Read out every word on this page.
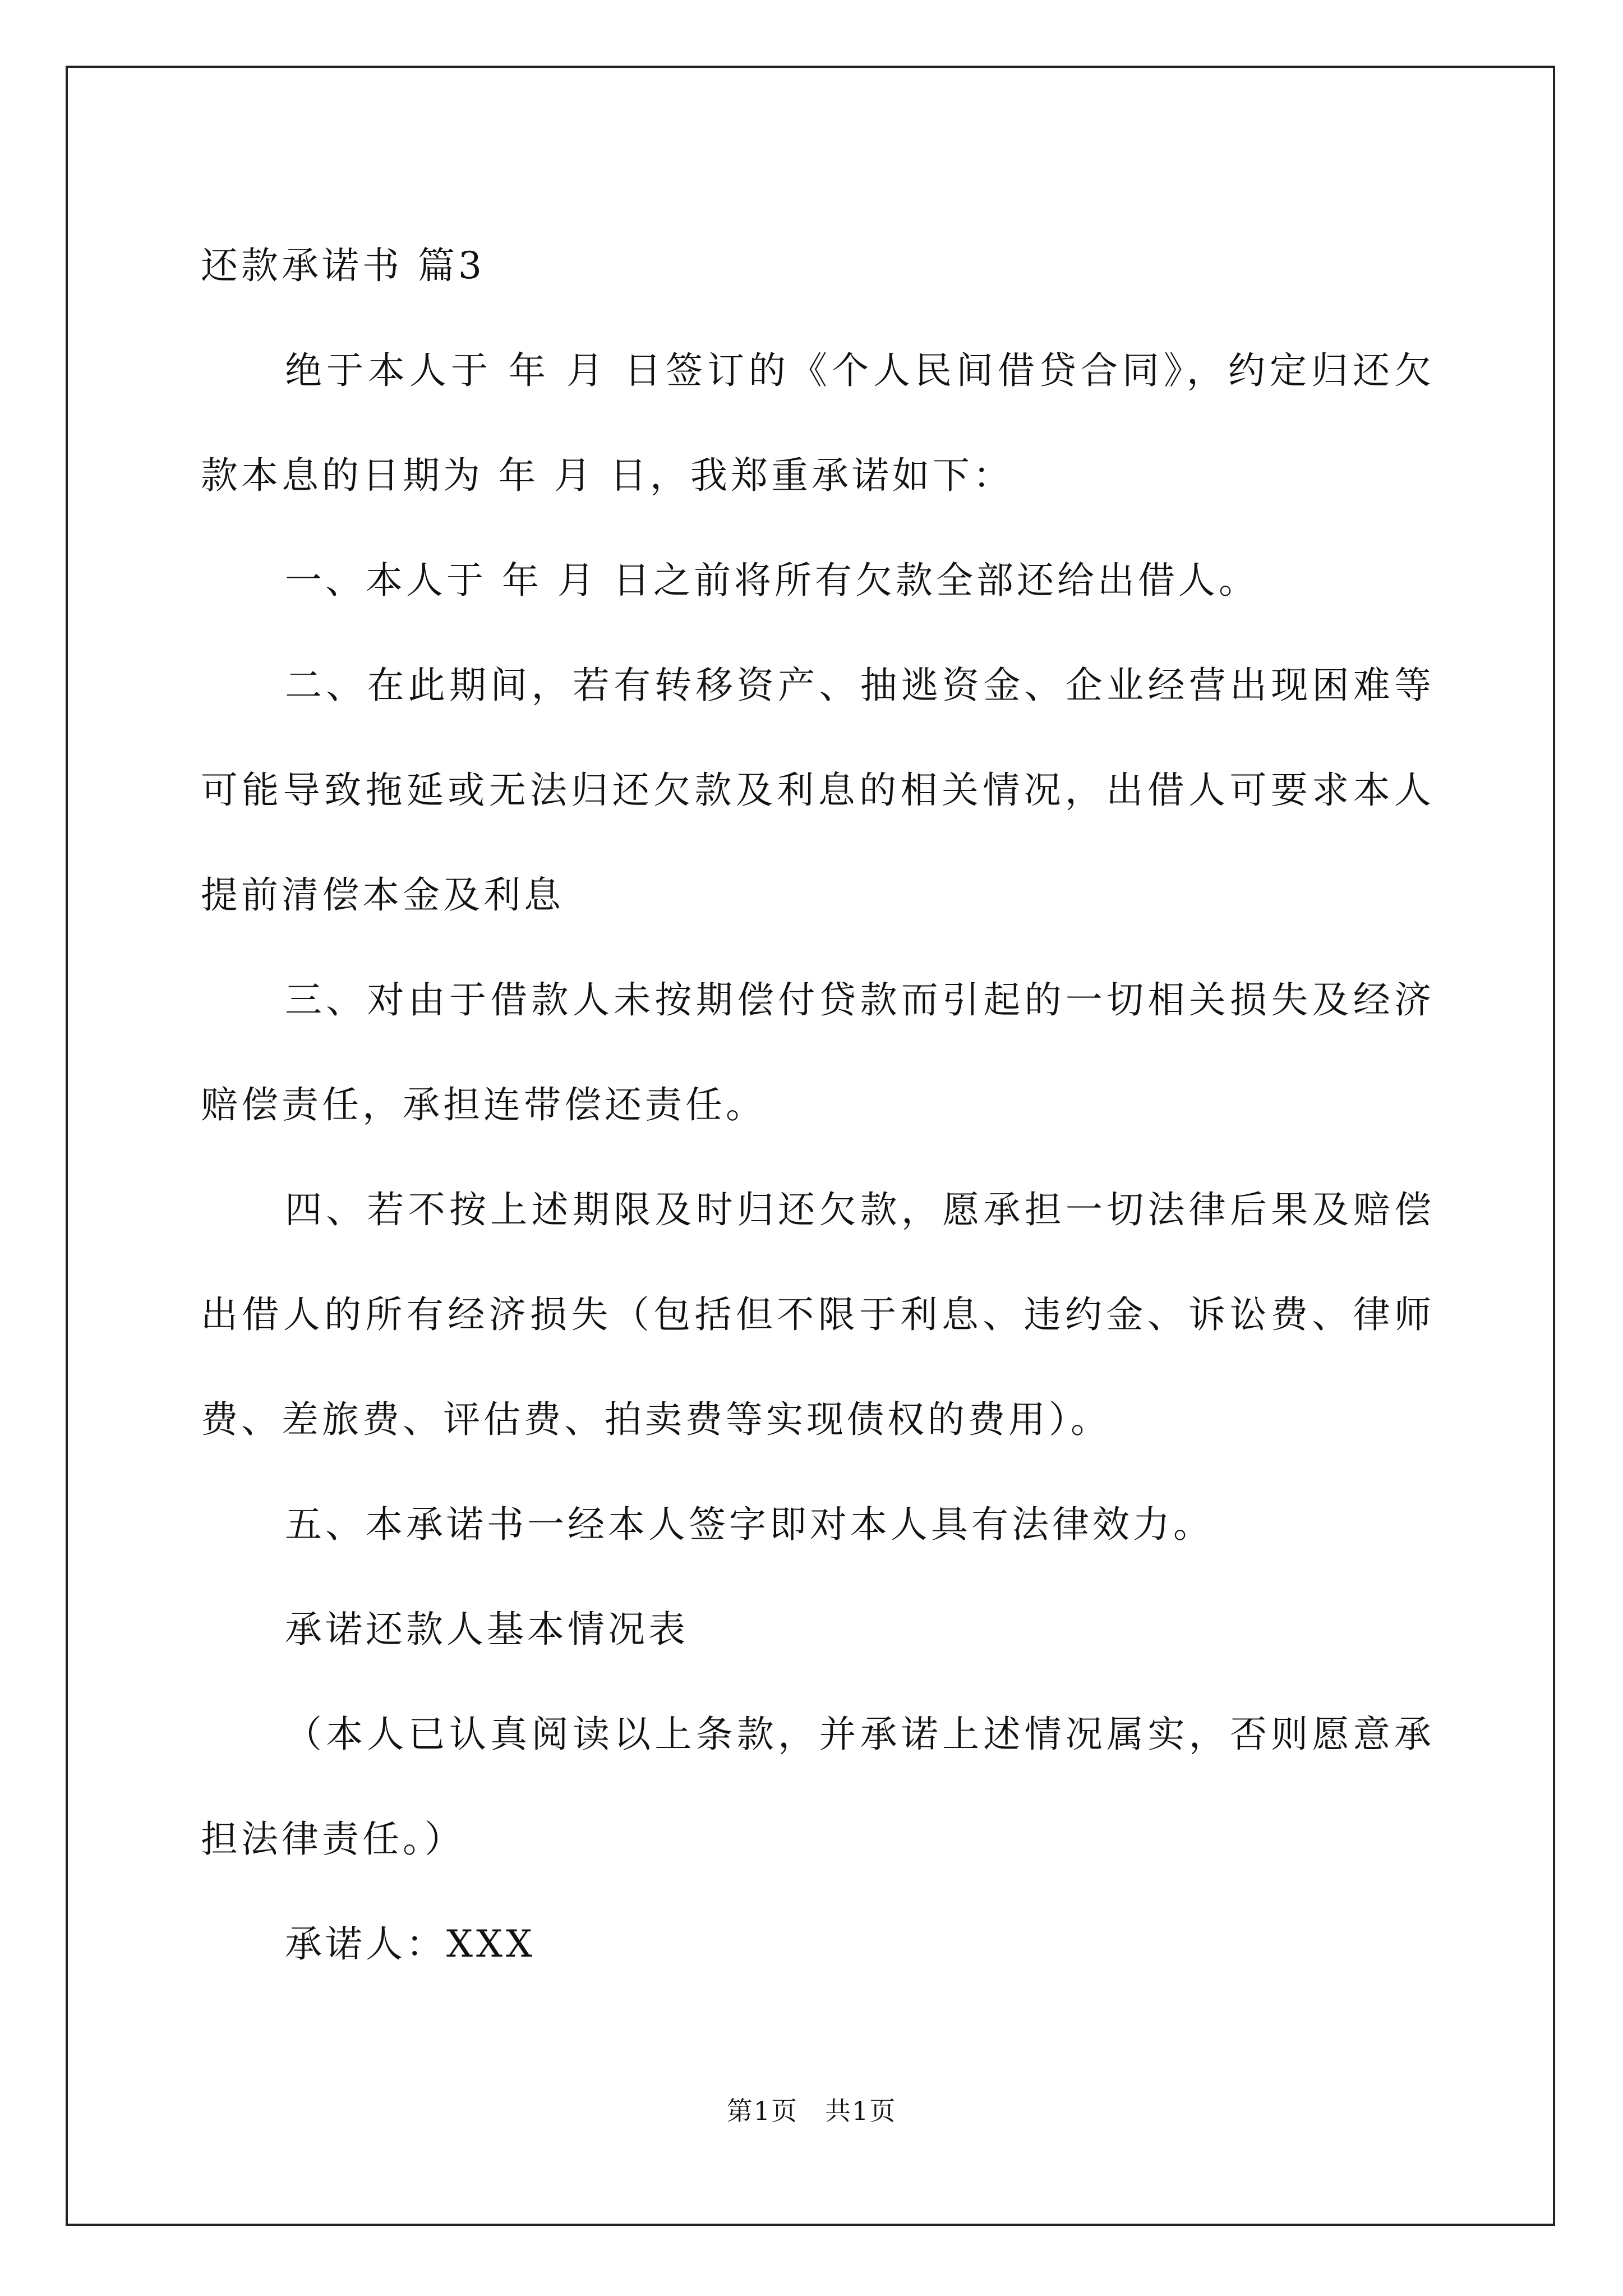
还款承诺书 篇3

绝于本人于 年 月 日签订的《个人民间借贷合同》，约定归还欠款本息的日期为 年 月 日，我郑重承诺如下：

一、本人于 年 月 日之前将所有欠款全部还给出借人。

二、在此期间，若有转移资产、抽逃资金、企业经营出现困难等可能导致拖延或无法归还欠款及利息的相关情况，出借人可要求本人提前清偿本金及利息

三、对由于借款人未按期偿付贷款而引起的一切相关损失及经济赔偿责任，承担连带偿还责任。

四、若不按上述期限及时归还欠款，愿承担一切法律后果及赔偿出借人的所有经济损失（包括但不限于利息、违约金、诉讼费、律师费、差旅费、评估费、拍卖费等实现债权的费用）。

五、本承诺书一经本人签字即对本人具有法律效力。

承诺还款人基本情况表

（本人已认真阅读以上条款，并承诺上述情况属实，否则愿意承担法律责任。）

承诺人：XXX

第1页　共1页
